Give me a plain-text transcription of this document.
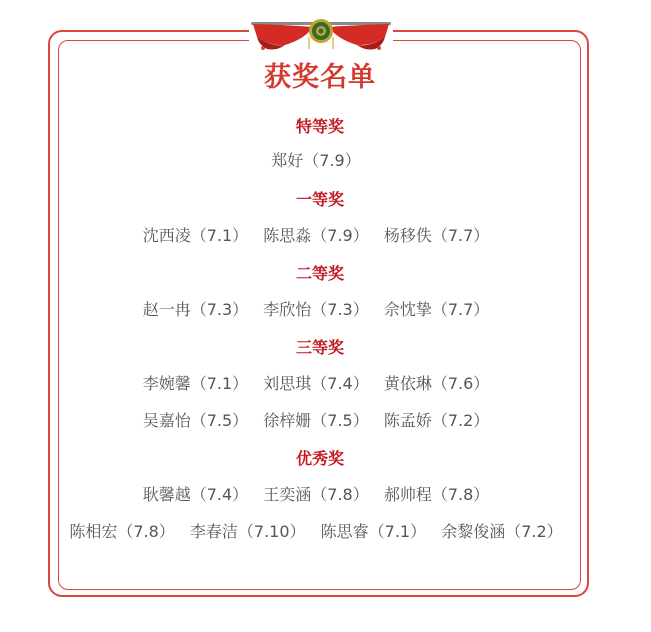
获奖名单
特等奖
郑好（7.9）
一等奖
沈西凌（7.1） 陈思淼（7.9） 杨移佚（7.7）
二等奖
赵一冉（7.3） 李欣怡（7.3） 佘忱挚（7.7）
三等奖
李婉馨（7.1） 刘思琪（7.4） 黄依琳（7.6）
吴嘉怡（7.5） 徐梓姗（7.5） 陈孟娇（7.2）
优秀奖
耿馨越（7.4） 王奕涵（7.8） 郝帅程（7.8）
陈相宏（7.8） 李春洁（7.10） 陈思睿（7.1） 余黎俊涵（7.2）
